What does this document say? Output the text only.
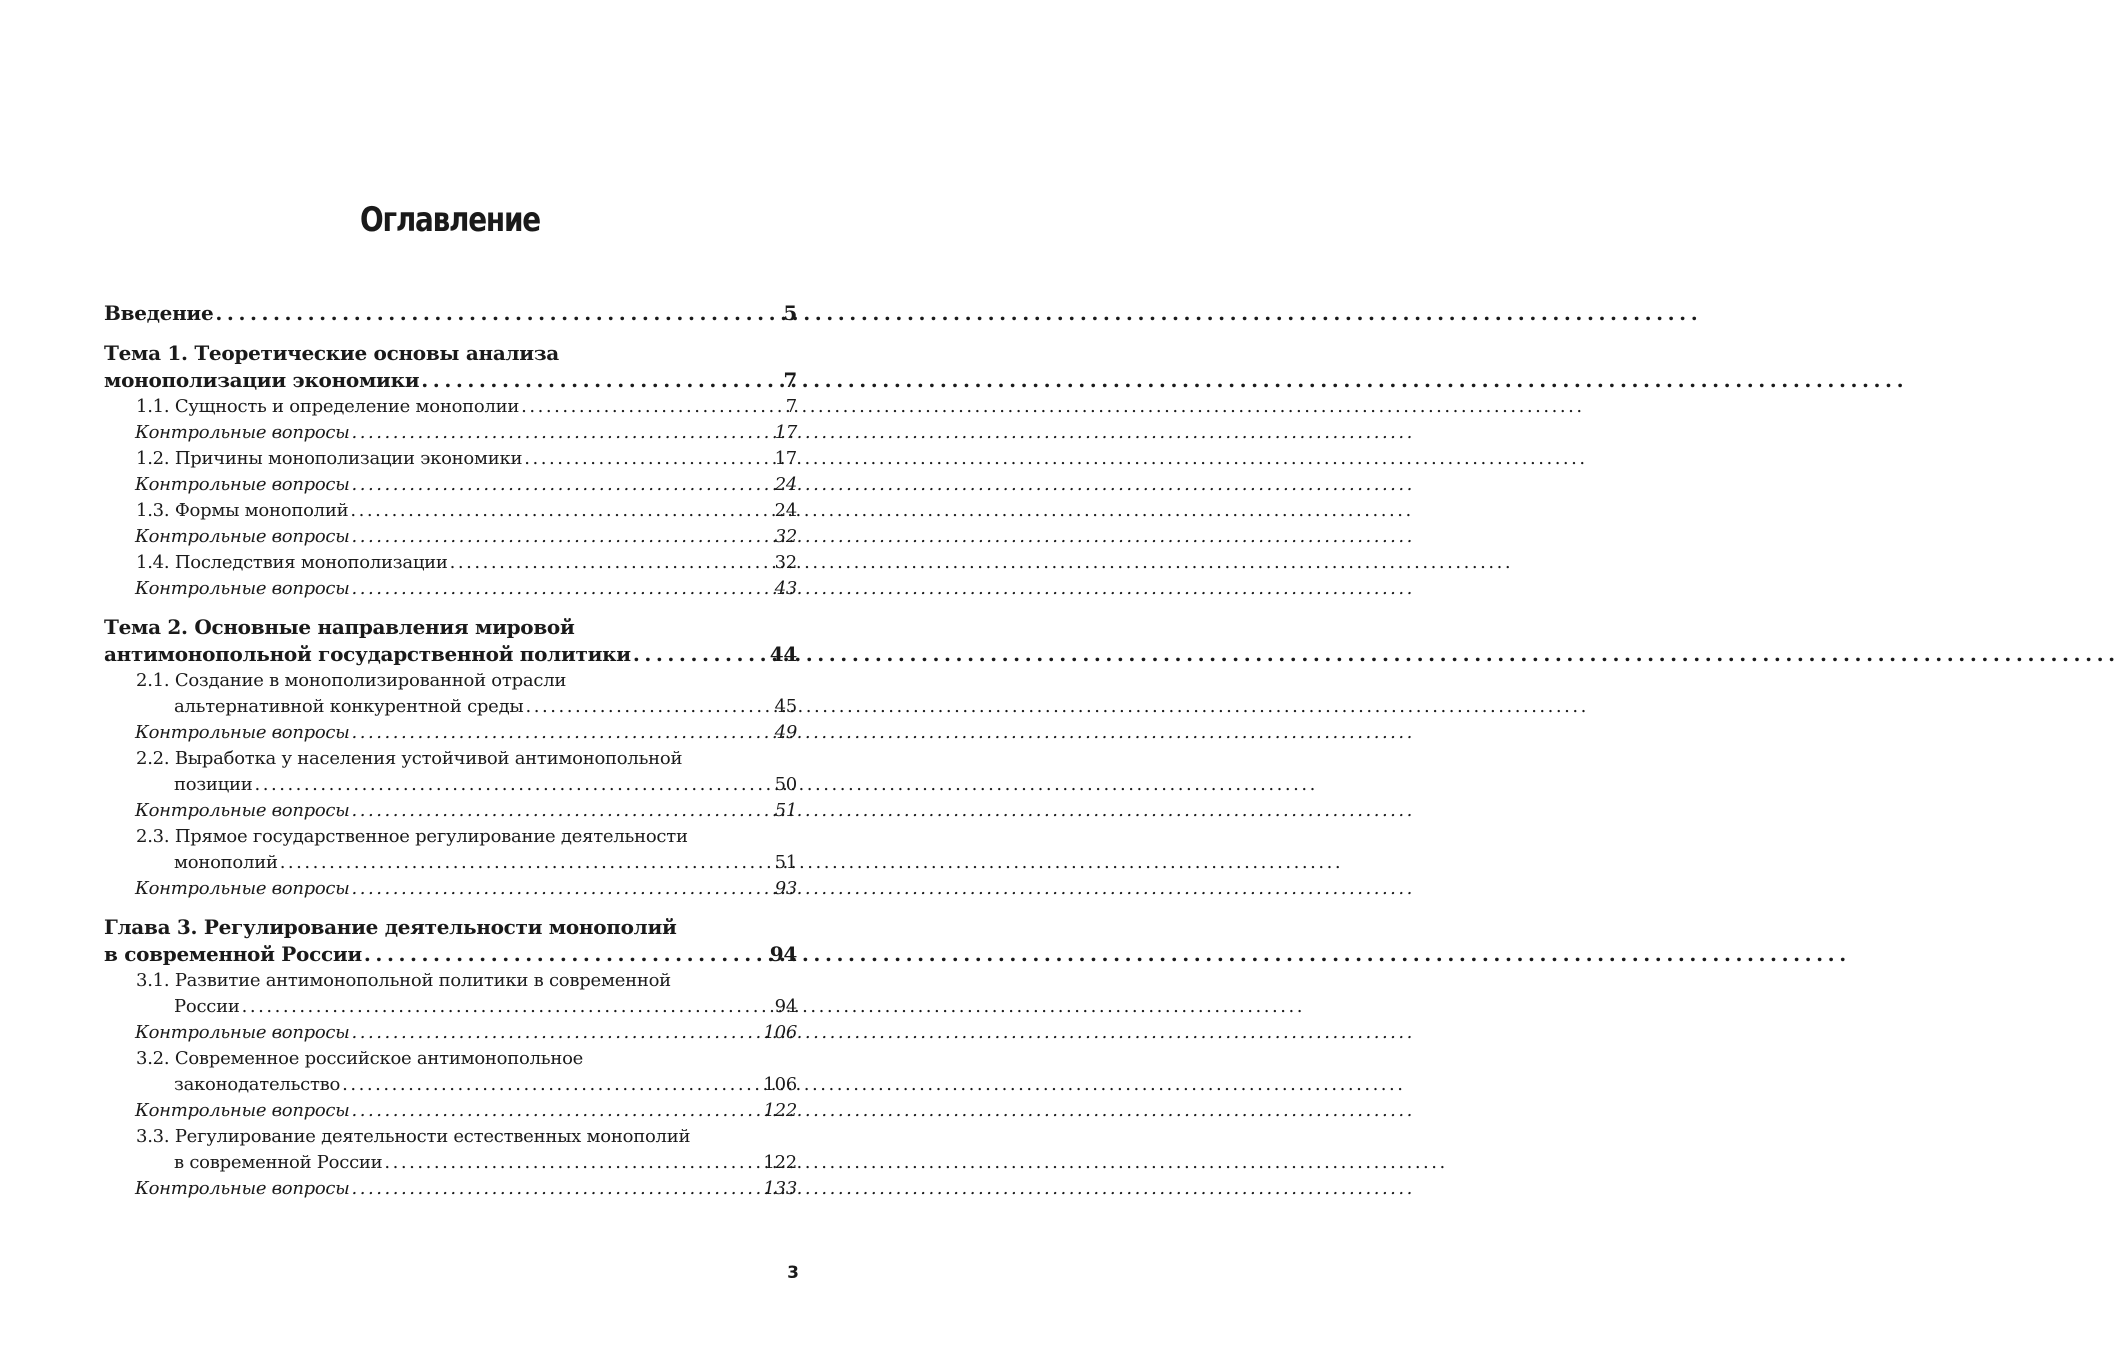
Оглавление
Введение . . .	5
Тема 1. Теоретические основы анализа
монополизации экономики . . .	7
1.1. Сущность и определение монополии . . .	7
Контрольные вопросы . . .	17
1.2. Причины монополизации экономики . . .	17
Контрольные вопросы . . .	24
1.3. Формы монополий . . .	24
Контрольные вопросы . . .	32
1.4. Последствия монополизации . . .	32
Контрольные вопросы . . .	43
Тема 2. Основные направления мировой
антимонопольной государственной политики . . .	44
2.1. Создание в монополизированной отрасли
альтернативной конкурентной среды . . .	45
Контрольные вопросы . . .	49
2.2. Выработка у населения устойчивой антимонопольной
позиции . . .	50
Контрольные вопросы . . .	51
2.3. Прямое государственное регулирование деятельности
монополий . . .	51
Контрольные вопросы . . .	93
Глава 3. Регулирование деятельности монополий
в современной России . . .	94
3.1. Развитие антимонопольной политики в современной
России . . .	94
Контрольные вопросы . . .	106
3.2. Современное российское антимонопольное
законодательство . . .	106
Контрольные вопросы . . .	122
3.3. Регулирование деятельности естественных монополий
в современной России . . .	122
Контрольные вопросы . . .	133
3
